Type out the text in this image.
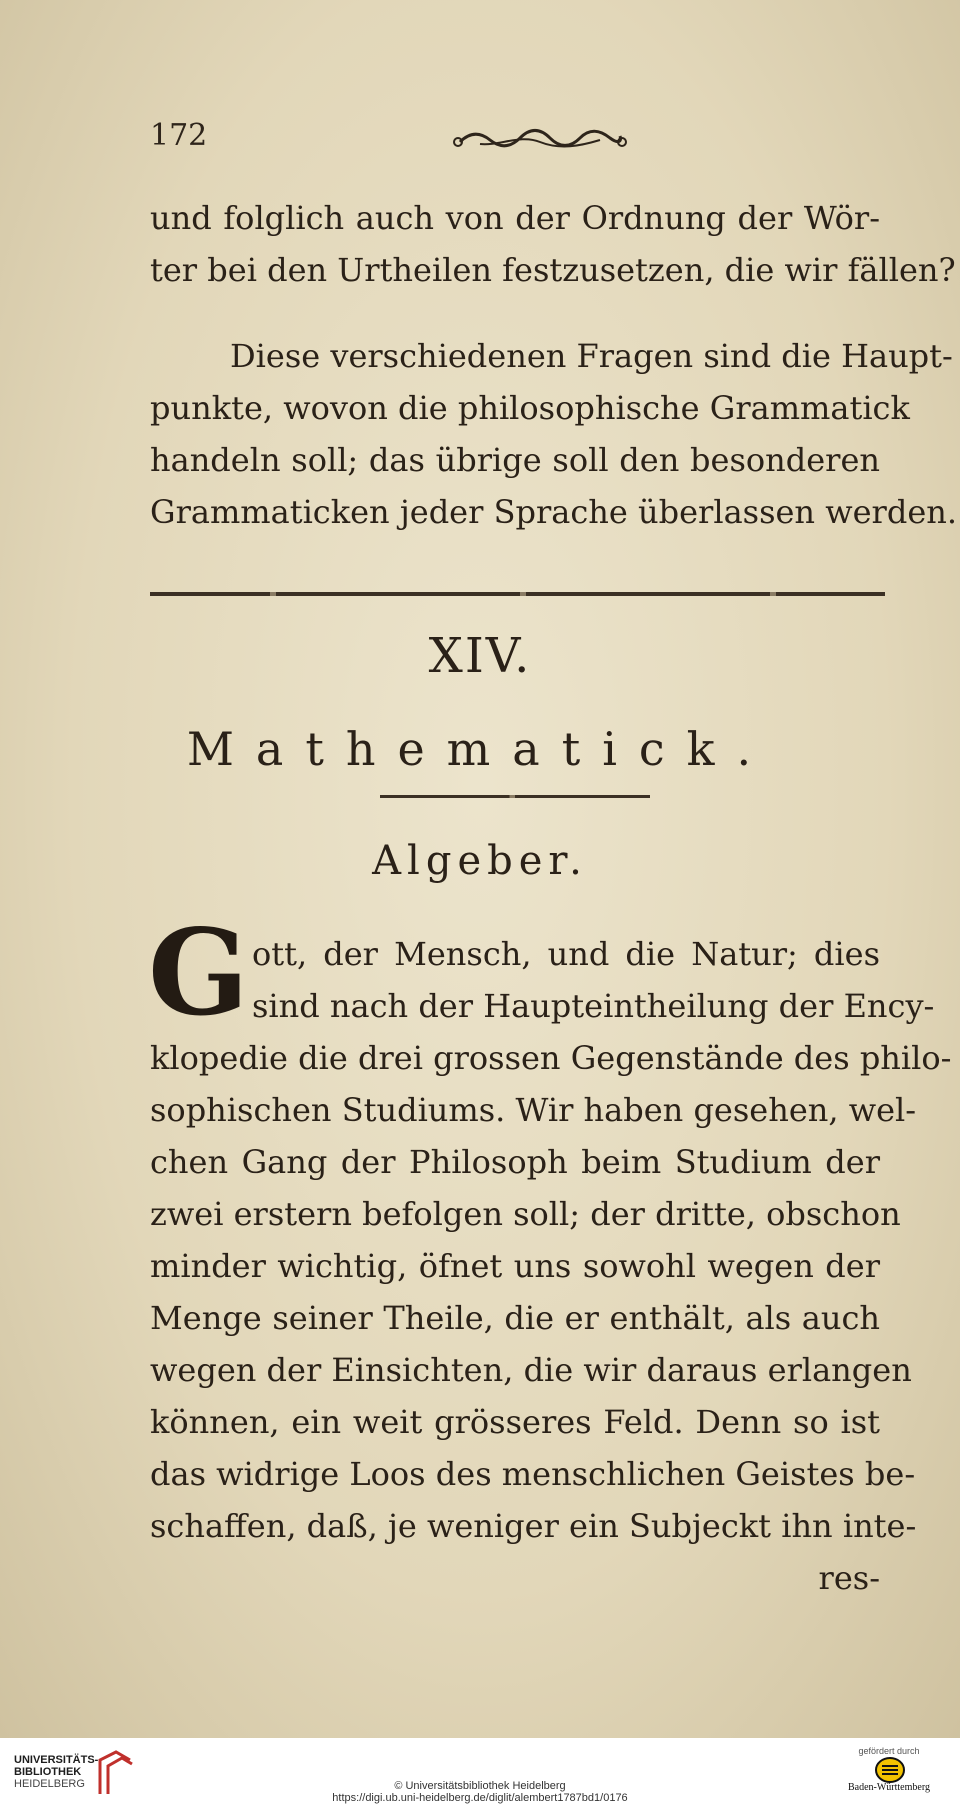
172
und folglich auch von der Ordnung der Wör-
ter bei den Urtheilen festzusetzen, die wir fällen?
Diese verschiedenen Fragen sind die Haupt-
punkte, wovon die philosophische Grammatick
handeln soll; das übrige soll den besonderen
Grammaticken jeder Sprache überlassen werden.
XIV.
Mathematick.
Algeber.
G ott, der Mensch, und die Natur; dies
sind nach der Haupteintheilung der Ency-
klopedie die drei grossen Gegenstände des philo-
sophischen Studiums. Wir haben gesehen, wel-
chen Gang der Philosoph beim Studium der
zwei erstern befolgen soll; der dritte, obschon
minder wichtig, öfnet uns sowohl wegen der
Menge seiner Theile, die er enthält, als auch
wegen der Einsichten, die wir daraus erlangen
können, ein weit grösseres Feld. Denn so ist
das widrige Loos des menschlichen Geistes be-
schaffen, daß, je weniger ein Subjeckt ihn inte-
res-
UNIVERSITÄTS-
BIBLIOTHEK
HEIDELBERG	© Universitätsbibliothek Heidelberg
https://digi.ub.uni-heidelberg.de/diglit/alembert1787bd1/0176
gefördert durch
Baden-Württemberg
